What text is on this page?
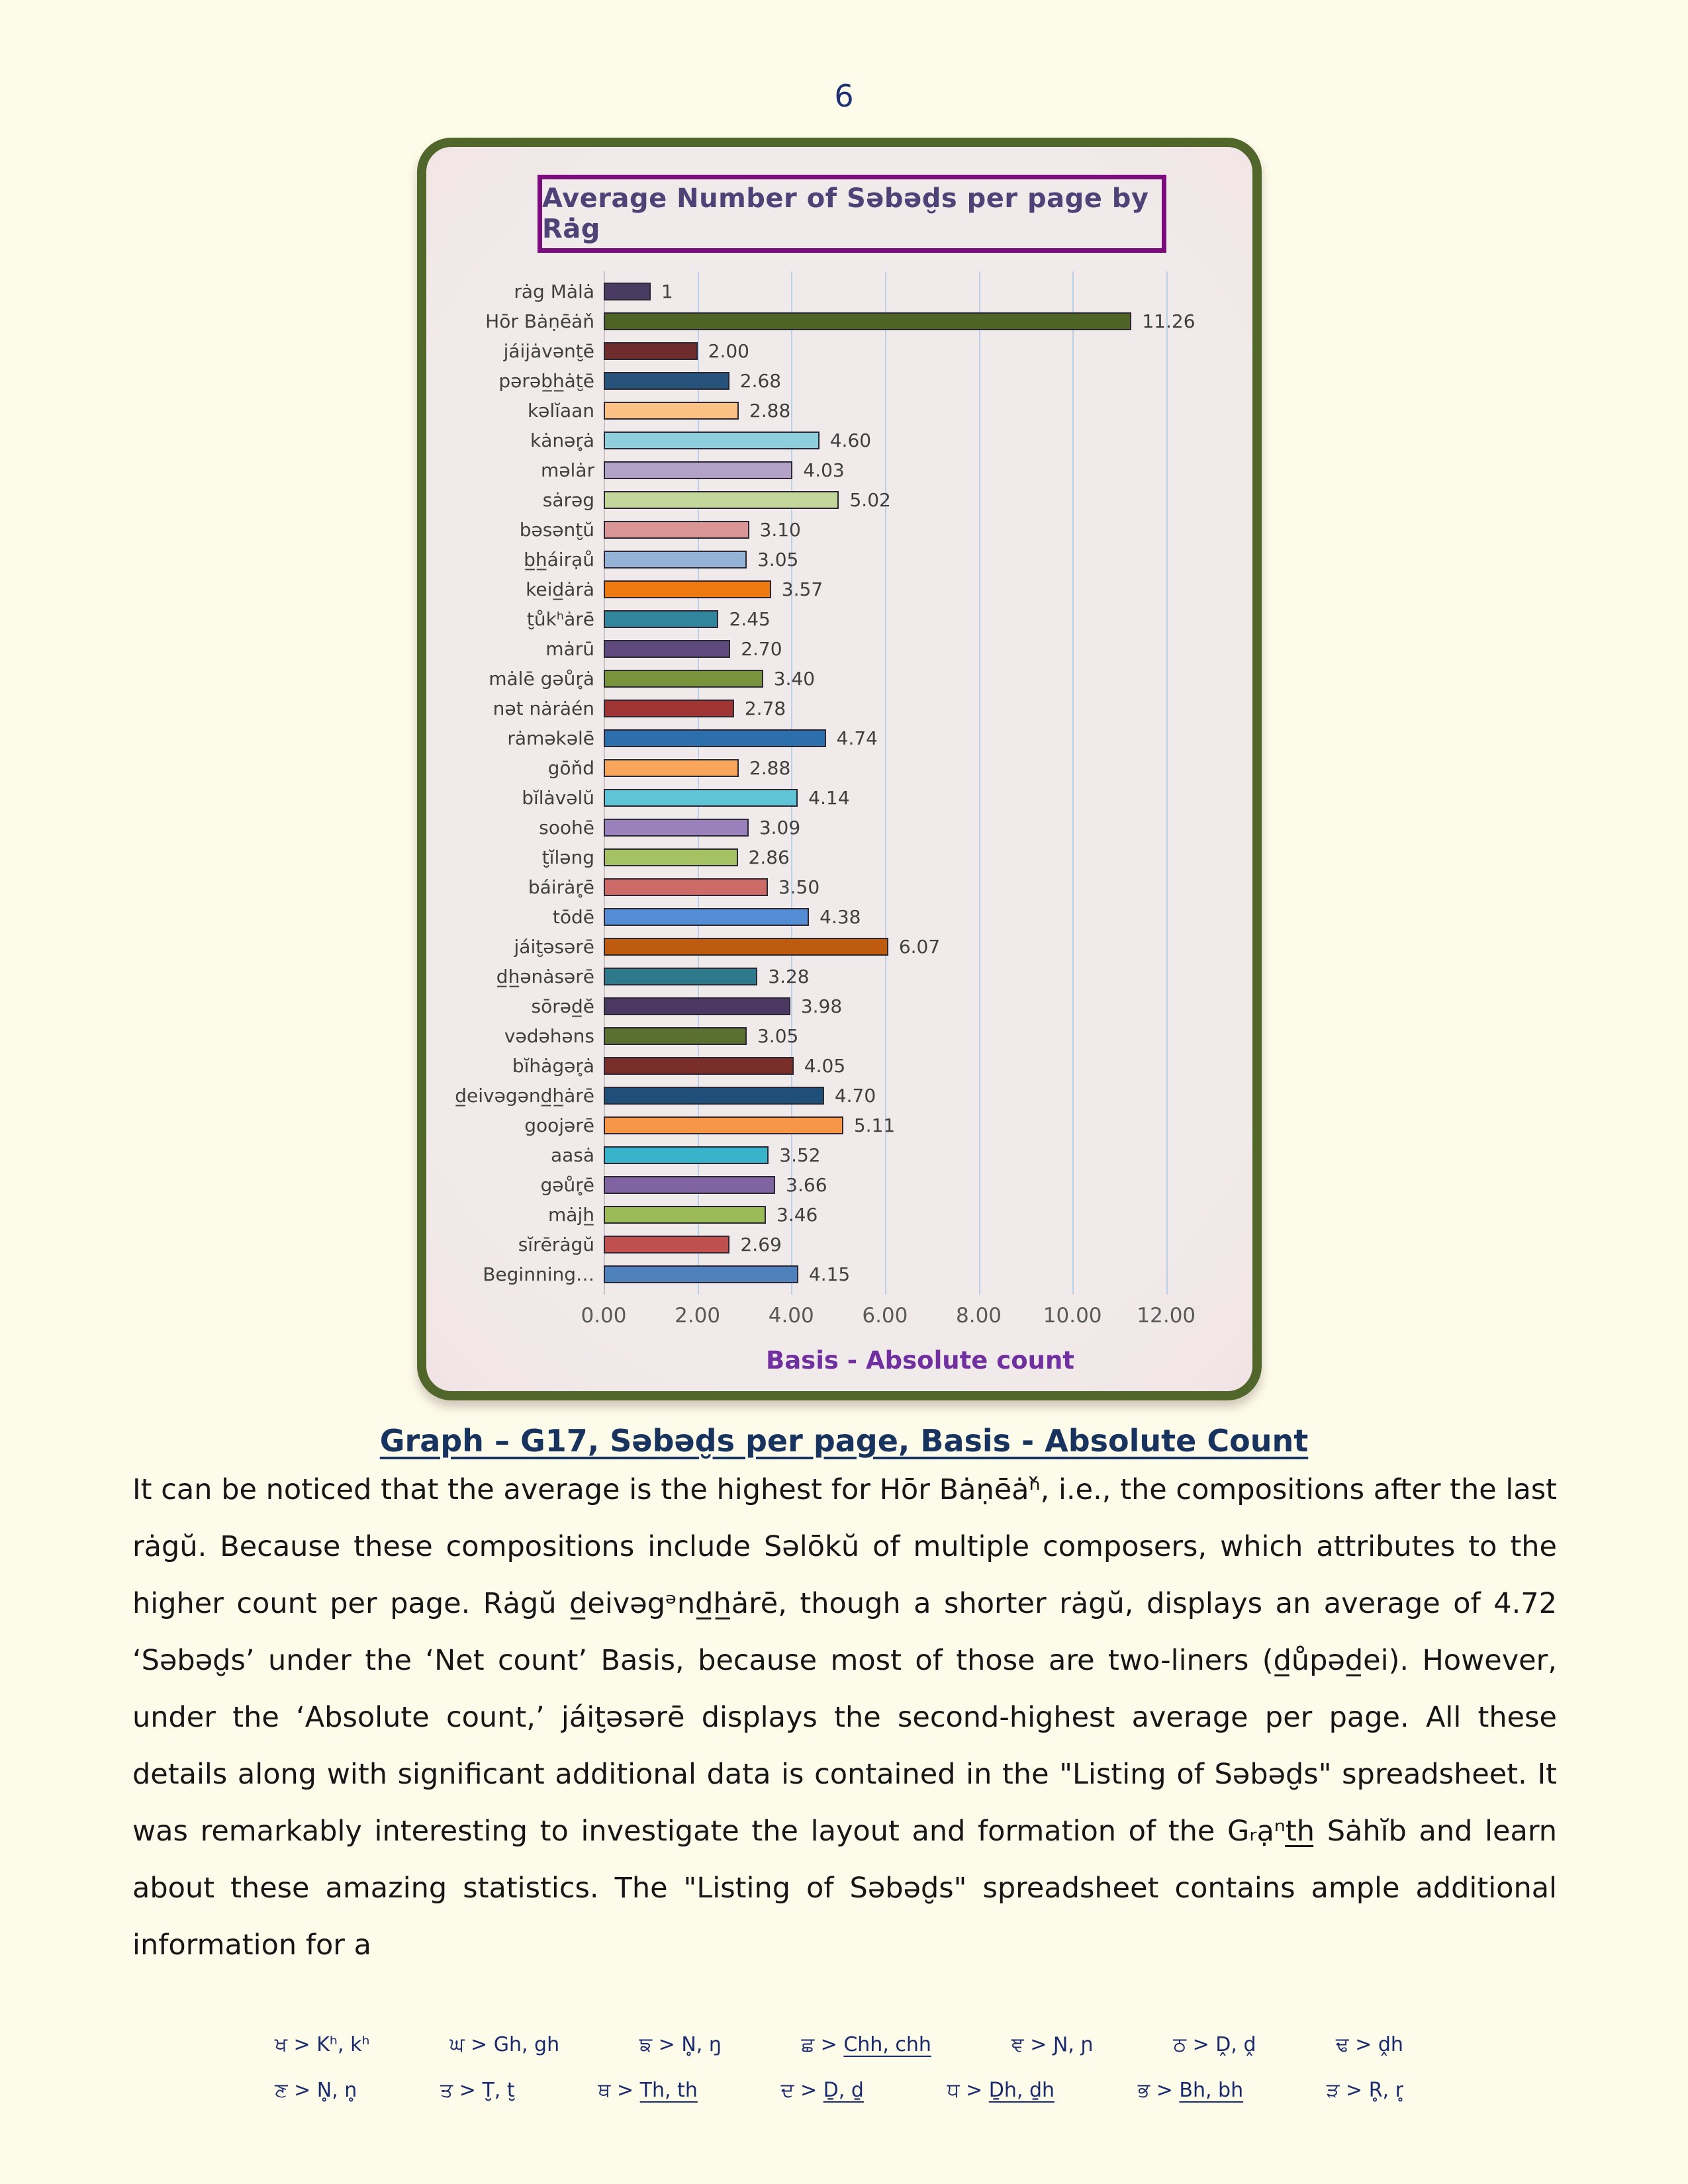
6
Average Number of Səbəd̮s per page by Rȧg
rȧg Mȧlȧ
Hōr Bȧṇēȧň
jáijȧvənt̮ē
pərəb̲h̲ȧt̮ē
kəlĭaan
kȧnər̥ȧ
məlȧr
sȧrəg
bəsənt̮ŭ
b̲h̲áirạů
keid̲ȧrȧ
t̮ůkʰȧrē
mȧrū
mȧlē gəůr̥ȧ
nət nȧrȧén
rȧməkəlē
gōňd
bĭlȧvəlŭ
soohē
t̮ĭləng
báirȧr̥ē
tōdē
jáit̮əsərē
d̲h̲ənȧsərē
sōrəd̲ĕ
vədəhəns
bĭhȧgər̥ȧ
d̲eivəgənd̲h̲ȧrē
goojərē
aasȧ
gəůr̥ē
mȧjh̲
sĭrērȧgŭ
Beginning…
1
11.26
2.00
2.68
2.88
4.60
4.03
5.02
3.10
3.05
3.57
2.45
2.70
3.40
2.78
4.74
2.88
4.14
3.09
2.86
3.50
4.38
6.07
3.28
3.98
3.05
4.05
4.70
5.11
3.52
3.66
3.46
2.69
4.15
0.00 2.00 4.00 6.00 8.00 10.00 12.00
Basis - Absolute count
Graph – G17, Səbəd̮s per page, Basis - Absolute Count
It can be noticed that the average is the highest for Hōr Bȧṇēȧⁿ̌, i.e., the compositions after the last rȧgŭ. Because these compositions include Səlōkŭ of multiple composers, which attributes to the higher count per page. Rȧgŭ d̲eivəgᵊnd̲h̲ȧrē, though a shorter rȧgŭ, displays an average of 4.72 ‘Səbəd̮s’ under the ‘Net count’ Basis, because most of those are two-liners (d̲ůpəd̲ei). However, under the ‘Absolute count,’ jáit̮əsərē displays the second-highest average per page. All these details along with significant additional data is contained in the "Listing of Səbəd̮s" spreadsheet. It was remarkably interesting to investigate the layout and formation of the Gᵣạⁿt̲h̲ Sȧhĭb and learn about these amazing statistics. The "Listing of Səbəd̮s" spreadsheet contains ample additional information for a
ਖ > Kʰ, kʰ	ਘ > Gh, gh	ਙ > N̥, ŋ	ਛ > Chh, chh	ਞ > Ɲ, ɲ	ਠ > Ḓ, ḓ	ਢ > ḓh
ਣ > N̥, n̥	ਤ > T̮, t̮	ਥ > Th, th	ਦ > Ḏ, ḏ	ਧ > Ḏh, ḏh	ਭ > Bh, bh	ੜ > R̥, r̥
